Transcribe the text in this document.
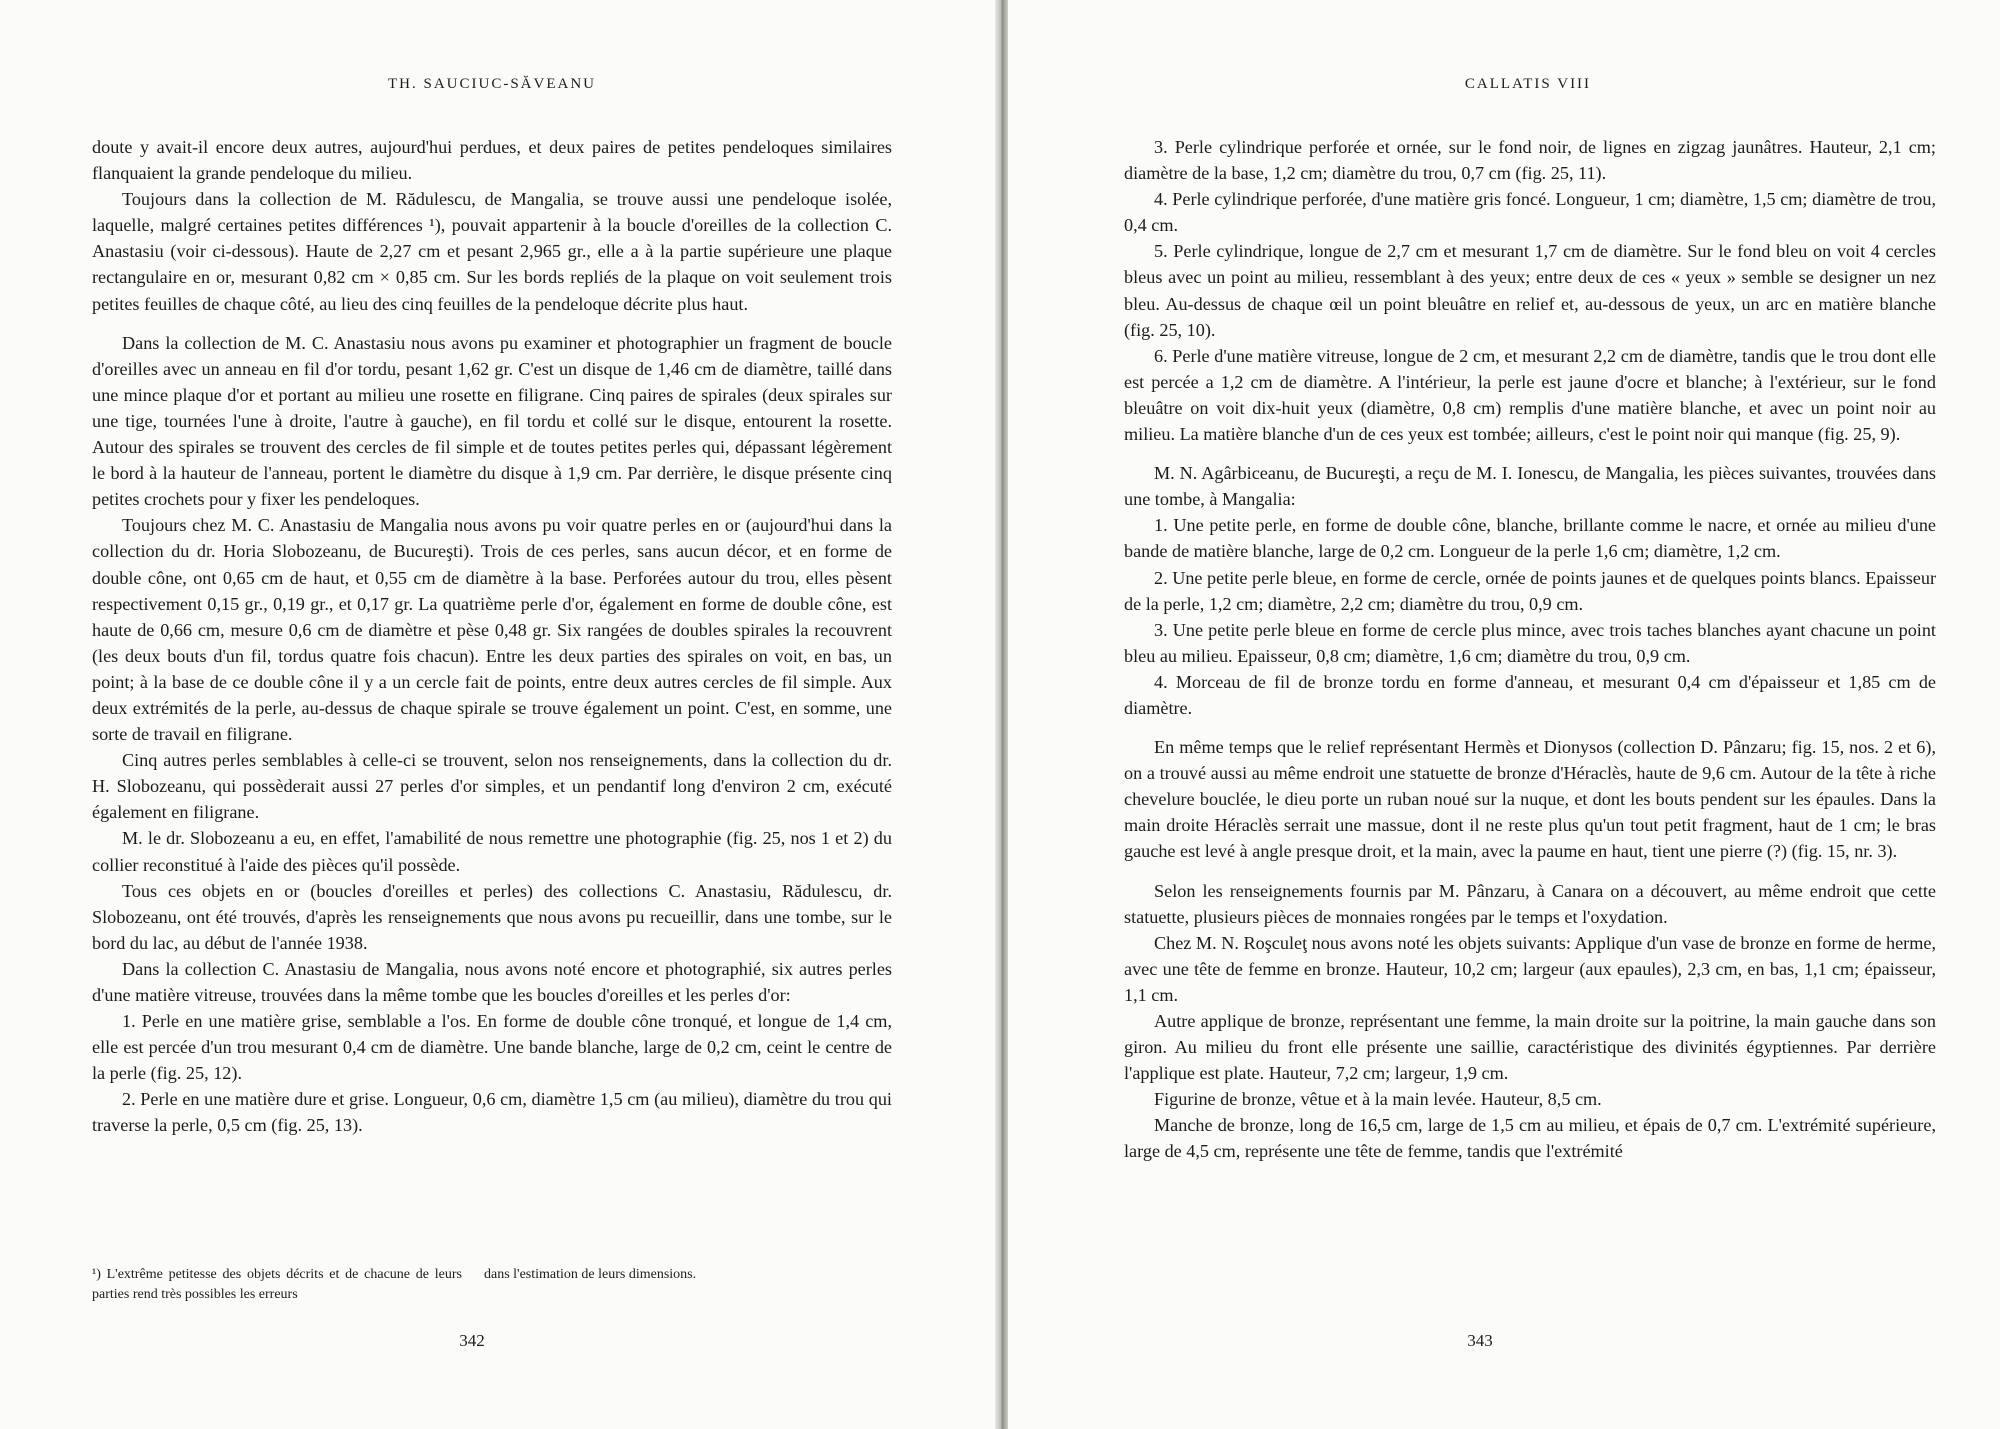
TH. SAUCIUC-SĂVEANU

doute y avait-il encore deux autres, aujourd'hui perdues, et deux paires de petites pendeloques similaires flanquaient la grande pendeloque du milieu.

Toujours dans la collection de M. Rădulescu, de Mangalia, se trouve aussi une pendeloque isolée, laquelle, malgré certaines petites différences ¹), pouvait appartenir à la boucle d'oreilles de la collection C. Anastasiu (voir ci-dessous). Haute de 2,27 cm et pesant 2,965 gr., elle a à la partie supérieure une plaque rectangulaire en or, mesurant 0,82 cm × 0,85 cm. Sur les bords repliés de la plaque on voit seulement trois petites feuilles de chaque côté, au lieu des cinq feuilles de la pendeloque décrite plus haut.

Dans la collection de M. C. Anastasiu nous avons pu examiner et photographier un fragment de boucle d'oreilles avec un anneau en fil d'or tordu, pesant 1,62 gr. C'est un disque de 1,46 cm de diamètre, taillé dans une mince plaque d'or et portant au milieu une rosette en filigrane. Cinq paires de spirales (deux spirales sur une tige, tournées l'une à droite, l'autre à gauche), en fil tordu et collé sur le disque, entourent la rosette. Autour des spirales se trouvent des cercles de fil simple et de toutes petites perles qui, dépassant légèrement le bord à la hauteur de l'anneau, portent le diamètre du disque à 1,9 cm. Par derrière, le disque présente cinq petites crochets pour y fixer les pendeloques.

Toujours chez M. C. Anastasiu de Mangalia nous avons pu voir quatre perles en or (aujourd'hui dans la collection du dr. Horia Slobozeanu, de Bucureşti). Trois de ces perles, sans aucun décor, et en forme de double cône, ont 0,65 cm de haut, et 0,55 cm de diamètre à la base. Perforées autour du trou, elles pèsent respectivement 0,15 gr., 0,19 gr., et 0,17 gr. La quatrième perle d'or, également en forme de double cône, est haute de 0,66 cm, mesure 0,6 cm de diamètre et pèse 0,48 gr. Six rangées de doubles spirales la recouvrent (les deux bouts d'un fil, tordus quatre fois chacun). Entre les deux parties des spirales on voit, en bas, un point; à la base de ce double cône il y a un cercle fait de points, entre deux autres cercles de fil simple. Aux deux extrémités de la perle, au-dessus de chaque spirale se trouve également un point. C'est, en somme, une sorte de travail en filigrane.

Cinq autres perles semblables à celle-ci se trouvent, selon nos renseignements, dans la collection du dr. H. Slobozeanu, qui possèderait aussi 27 perles d'or simples, et un pendantif long d'environ 2 cm, exécuté également en filigrane.

M. le dr. Slobozeanu a eu, en effet, l'amabilité de nous remettre une photographie (fig. 25, nos 1 et 2) du collier reconstitué à l'aide des pièces qu'il possède.

Tous ces objets en or (boucles d'oreilles et perles) des collections C. Anastasiu, Rădulescu, dr. Slobozeanu, ont été trouvés, d'après les renseignements que nous avons pu recueillir, dans une tombe, sur le bord du lac, au début de l'année 1938.

Dans la collection C. Anastasiu de Mangalia, nous avons noté encore et photographié, six autres perles d'une matière vitreuse, trouvées dans la même tombe que les boucles d'oreilles et les perles d'or:

1. Perle en une matière grise, semblable a l'os. En forme de double cône tronqué, et longue de 1,4 cm, elle est percée d'un trou mesurant 0,4 cm de diamètre. Une bande blanche, large de 0,2 cm, ceint le centre de la perle (fig. 25, 12).

2. Perle en une matière dure et grise. Longueur, 0,6 cm, diamètre 1,5 cm (au milieu), diamètre du trou qui traverse la perle, 0,5 cm (fig. 25, 13).

¹) L'extrême petitesse des objets décrits et de chacune de leurs parties rend très possibles les erreurs
dans l'estimation de leurs dimensions.
342
CALLATIS VIII

3. Perle cylindrique perforée et ornée, sur le fond noir, de lignes en zigzag jaunâtres. Hauteur, 2,1 cm; diamètre de la base, 1,2 cm; diamètre du trou, 0,7 cm (fig. 25, 11).

4. Perle cylindrique perforée, d'une matière gris foncé. Longueur, 1 cm; diamètre, 1,5 cm; diamètre de trou, 0,4 cm.

5. Perle cylindrique, longue de 2,7 cm et mesurant 1,7 cm de diamètre. Sur le fond bleu on voit 4 cercles bleus avec un point au milieu, ressemblant à des yeux; entre deux de ces « yeux » semble se designer un nez bleu. Au-dessus de chaque œil un point bleuâtre en relief et, au-dessous de yeux, un arc en matière blanche (fig. 25, 10).

6. Perle d'une matière vitreuse, longue de 2 cm, et mesurant 2,2 cm de diamètre, tandis que le trou dont elle est percée a 1,2 cm de diamètre. A l'intérieur, la perle est jaune d'ocre et blanche; à l'extérieur, sur le fond bleuâtre on voit dix-huit yeux (diamètre, 0,8 cm) remplis d'une matière blanche, et avec un point noir au milieu. La matière blanche d'un de ces yeux est tombée; ailleurs, c'est le point noir qui manque (fig. 25, 9).

M. N. Agârbiceanu, de Bucureşti, a reçu de M. I. Ionescu, de Mangalia, les pièces suivantes, trouvées dans une tombe, à Mangalia:

1. Une petite perle, en forme de double cône, blanche, brillante comme le nacre, et ornée au milieu d'une bande de matière blanche, large de 0,2 cm. Longueur de la perle 1,6 cm; diamètre, 1,2 cm.

2. Une petite perle bleue, en forme de cercle, ornée de points jaunes et de quelques points blancs. Epaisseur de la perle, 1,2 cm; diamètre, 2,2 cm; diamètre du trou, 0,9 cm.

3. Une petite perle bleue en forme de cercle plus mince, avec trois taches blanches ayant chacune un point bleu au milieu. Epaisseur, 0,8 cm; diamètre, 1,6 cm; diamètre du trou, 0,9 cm.

4. Morceau de fil de bronze tordu en forme d'anneau, et mesurant 0,4 cm d'épaisseur et 1,85 cm de diamètre.

En même temps que le relief représentant Hermès et Dionysos (collection D. Pânzaru; fig. 15, nos. 2 et 6), on a trouvé aussi au même endroit une statuette de bronze d'Héraclès, haute de 9,6 cm. Autour de la tête à riche chevelure bouclée, le dieu porte un ruban noué sur la nuque, et dont les bouts pendent sur les épaules. Dans la main droite Héraclès serrait une massue, dont il ne reste plus qu'un tout petit fragment, haut de 1 cm; le bras gauche est levé à angle presque droit, et la main, avec la paume en haut, tient une pierre (?) (fig. 15, nr. 3).

Selon les renseignements fournis par M. Pânzaru, à Canara on a découvert, au même endroit que cette statuette, plusieurs pièces de monnaies rongées par le temps et l'oxydation.

Chez M. N. Roşculeţ nous avons noté les objets suivants: Applique d'un vase de bronze en forme de herme, avec une tête de femme en bronze. Hauteur, 10,2 cm; largeur (aux epaules), 2,3 cm, en bas, 1,1 cm; épaisseur, 1,1 cm.

Autre applique de bronze, représentant une femme, la main droite sur la poitrine, la main gauche dans son giron. Au milieu du front elle présente une saillie, caractéristique des divinités égyptiennes. Par derrière l'applique est plate. Hauteur, 7,2 cm; largeur, 1,9 cm.

Figurine de bronze, vêtue et à la main levée. Hauteur, 8,5 cm.

Manche de bronze, long de 16,5 cm, large de 1,5 cm au milieu, et épais de 0,7 cm. L'extrémité supérieure, large de 4,5 cm, représente une tête de femme, tandis que l'extrémité

343
